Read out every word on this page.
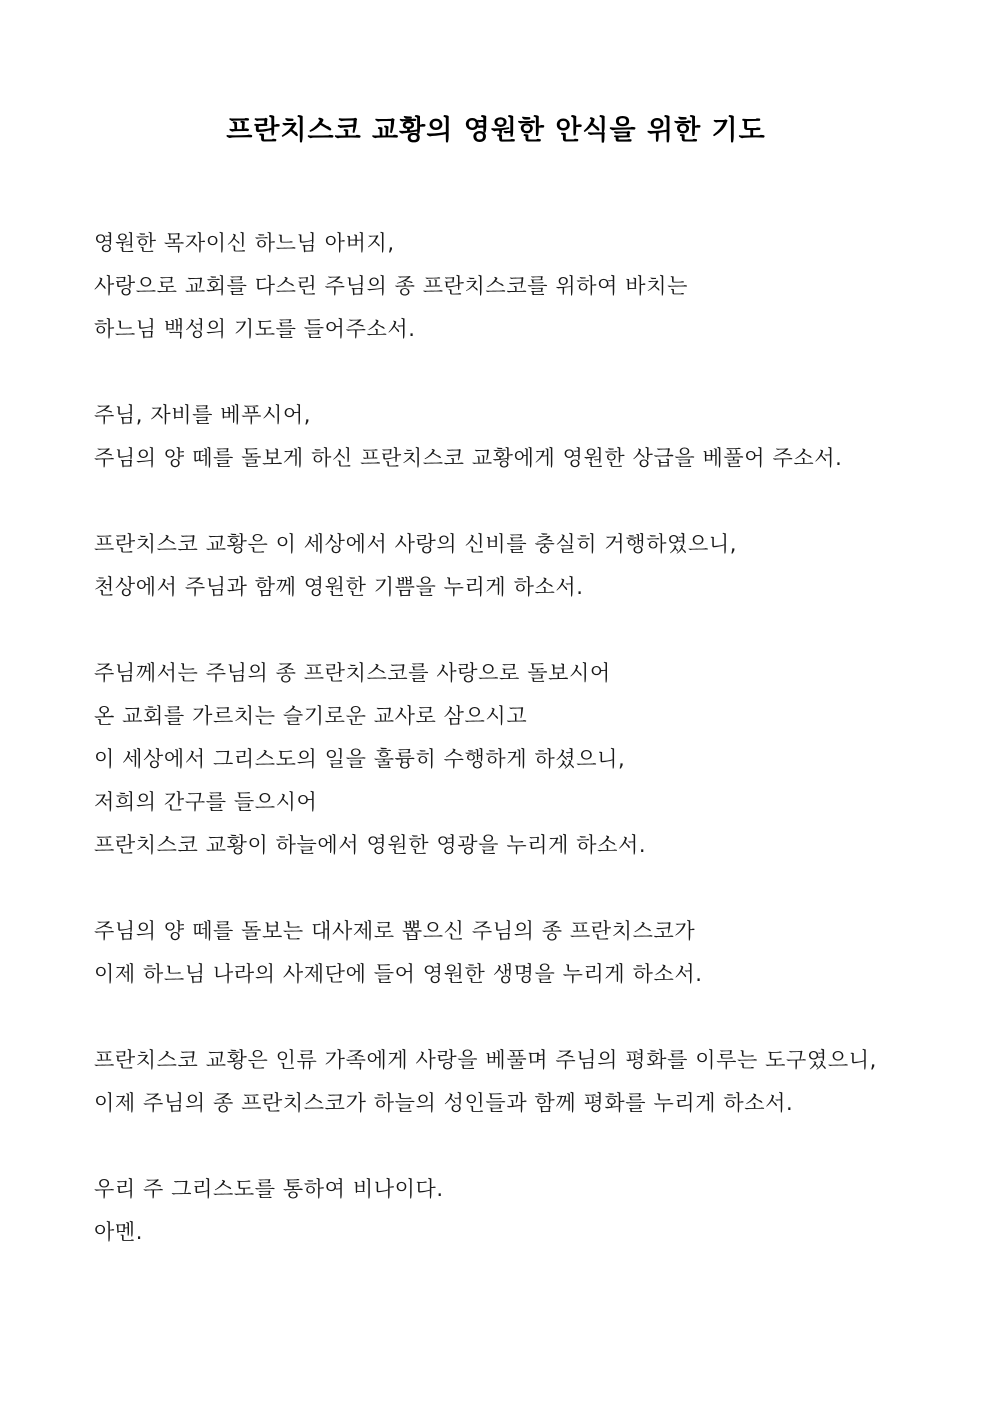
프란치스코 교황의 영원한 안식을 위한 기도
영원한 목자이신 하느님 아버지,
사랑으로 교회를 다스린 주님의 종 프란치스코를 위하여 바치는
하느님 백성의 기도를 들어주소서.
주님, 자비를 베푸시어,
주님의 양 떼를 돌보게 하신 프란치스코 교황에게 영원한 상급을 베풀어 주소서.
프란치스코 교황은 이 세상에서 사랑의 신비를 충실히 거행하였으니,
천상에서 주님과 함께 영원한 기쁨을 누리게 하소서.
주님께서는 주님의 종 프란치스코를 사랑으로 돌보시어
온 교회를 가르치는 슬기로운 교사로 삼으시고
이 세상에서 그리스도의 일을 훌륭히 수행하게 하셨으니,
저희의 간구를 들으시어
프란치스코 교황이 하늘에서 영원한 영광을 누리게 하소서.
주님의 양 떼를 돌보는 대사제로 뽑으신 주님의 종 프란치스코가
이제 하느님 나라의 사제단에 들어 영원한 생명을 누리게 하소서.
프란치스코 교황은 인류 가족에게 사랑을 베풀며 주님의 평화를 이루는 도구였으니,
이제 주님의 종 프란치스코가 하늘의 성인들과 함께 평화를 누리게 하소서.
우리 주 그리스도를 통하여 비나이다.
아멘.
